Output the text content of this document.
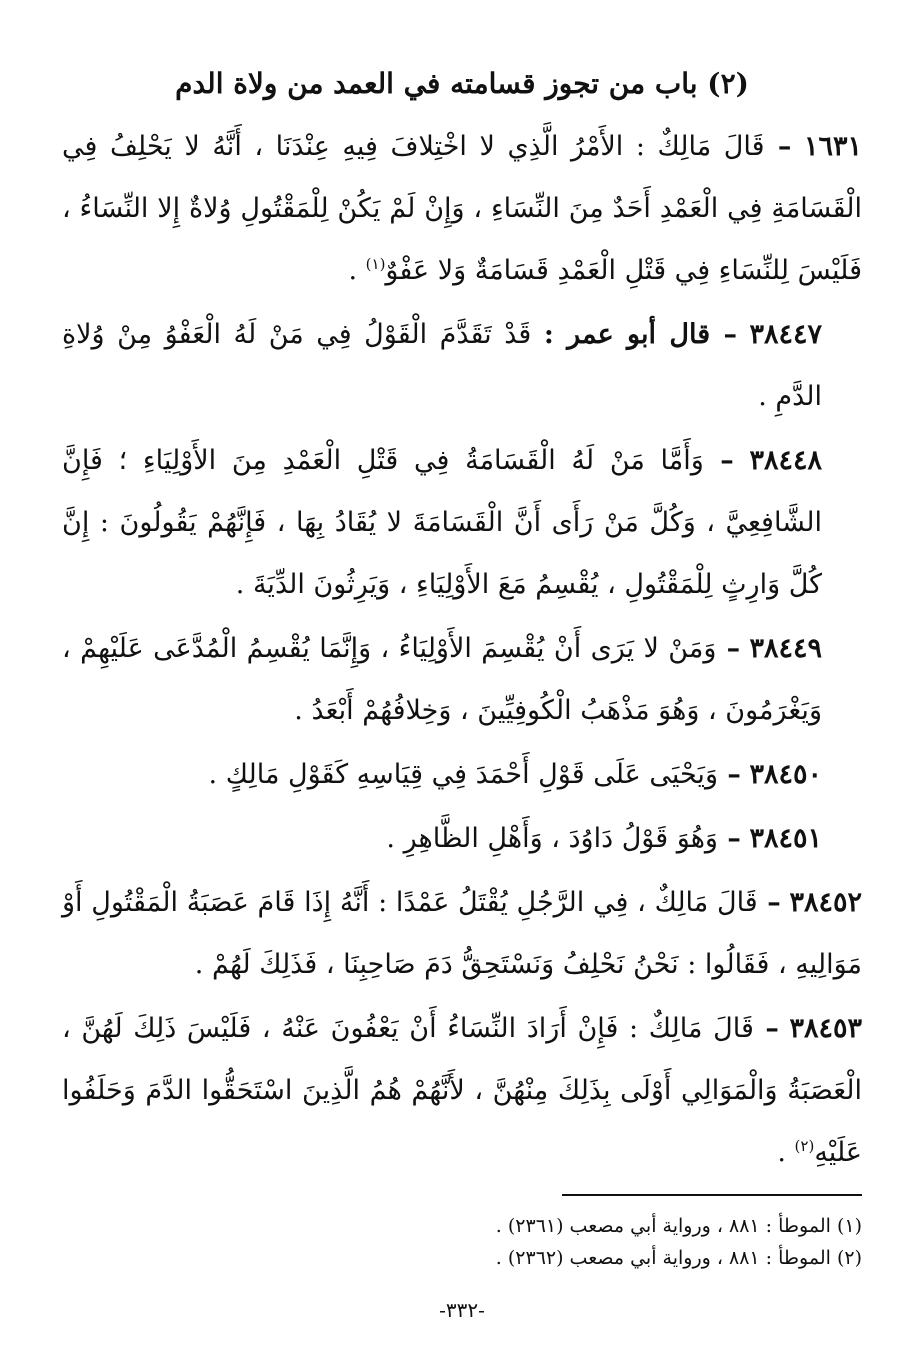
(٢) باب من تجوز قسامته في العمد من ولاة الدم
١٦٣١ – قَالَ مَالِكٌ : الأَمْرُ الَّذِي لا اخْتِلافَ فِيهِ عِنْدَنَا ، أَنَّهُ لا يَحْلِفُ فِي الْقَسَامَةِ فِي الْعَمْدِ أَحَدٌ مِنَ النِّسَاءِ ، وَإِنْ لَمْ يَكُنْ لِلْمَقْتُولِ وُلاةٌ إِلا النِّسَاءُ ، فَلَيْسَ لِلنِّسَاءِ فِي قَتْلِ الْعَمْدِ قَسَامَةٌ وَلا عَفْوٌ$^{(١)}$ .
٣٨٤٤٧ – قال أبو عمر : قَدْ تَقَدَّمَ الْقَوْلُ فِي مَنْ لَهُ الْعَفْوُ مِنْ وُلاةِ الدَّمِ .
٣٨٤٤٨ – وَأَمَّا مَنْ لَهُ الْقَسَامَةُ فِي قَتْلِ الْعَمْدِ مِنَ الأَوْلِيَاءِ ؛ فَإِنَّ الشَّافِعِيَّ ، وَكُلَّ مَنْ رَأَى أَنَّ الْقَسَامَةَ لا يُقَادُ بِهَا ، فَإِنَّهُمْ يَقُولُونَ : إِنَّ كُلَّ وَارِثٍ لِلْمَقْتُولِ ، يُقْسِمُ مَعَ الأَوْلِيَاءِ ، وَيَرِثُونَ الدِّيَةَ .
٣٨٤٤٩ – وَمَنْ لا يَرَى أَنْ يُقْسِمَ الأَوْلِيَاءُ ، وَإِنَّمَا يُقْسِمُ الْمُدَّعَى عَلَيْهِمْ ، وَيَغْرَمُونَ ، وَهُوَ مَذْهَبُ الْكُوفِيِّينَ ، وَخِلافُهُمْ أَبْعَدُ .
٣٨٤٥٠ – وَيَحْيَى عَلَى قَوْلِ أَحْمَدَ فِي قِيَاسِهِ كَقَوْلِ مَالِكٍ .
٣٨٤٥١ – وَهُوَ قَوْلُ دَاوُدَ ، وَأَهْلِ الظَّاهِرِ .
٣٨٤٥٢ – قَالَ مَالِكٌ ، فِي الرَّجُلِ يُقْتَلُ عَمْدًا : أَنَّهُ إِذَا قَامَ عَصَبَةُ الْمَقْتُولِ أَوْ مَوَالِيهِ ، فَقَالُوا : نَحْنُ نَحْلِفُ وَنَسْتَحِقُّ دَمَ صَاحِبِنَا ، فَذَلِكَ لَهُمْ .
٣٨٤٥٣ – قَالَ مَالِكٌ : فَإِنْ أَرَادَ النِّسَاءُ أَنْ يَعْفُونَ عَنْهُ ، فَلَيْسَ ذَلِكَ لَهُنَّ ، الْعَصَبَةُ وَالْمَوَالِي أَوْلَى بِذَلِكَ مِنْهُنَّ ، لأَنَّهُمْ هُمُ الَّذِينَ اسْتَحَقُّوا الدَّمَ وَحَلَفُوا عَلَيْهِ$^{(٢)}$ .

(١) الموطأ : ٨٨١ ، ورواية أبي مصعب (٢٣٦١) .

(٢) الموطأ : ٨٨١ ، ورواية أبي مصعب (٢٣٦٢) .

-٣٣٢-
